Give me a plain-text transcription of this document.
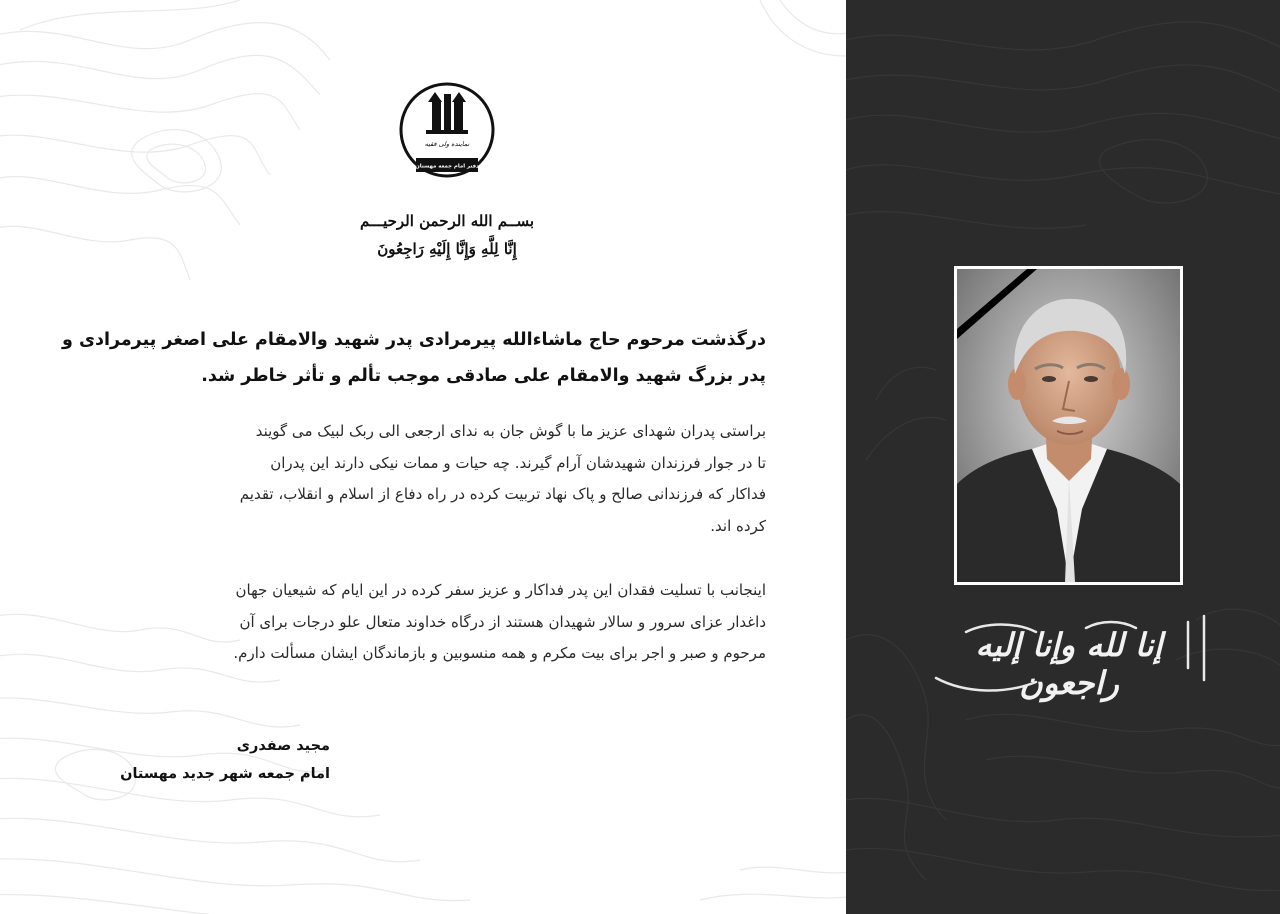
نماینده ولی فقیه
دفتر امام جمعه مهستان
بســم الله الرحمن الرحیـــم
إِنَّا لِلَّهِ وَإِنَّا إِلَيْهِ رَاجِعُونَ
درگذشت مرحوم حاج ماشاءالله پیرمرادی پدر شهید والامقام علی اصغر پیرمرادی و
پدر بزرگ شهید والامقام علی صادقی موجب تألم و تأثر خاطر شد.
براستی پدران شهدای عزیز ما با گوش جان به ندای ارجعی الی ربک لبیک می گویند
تا در جوار فرزندان شهیدشان آرام گیرند. چه حیات و ممات نیکی دارند این پدران
فداکار که فرزندانی صالح و پاک نهاد تربیت کرده در راه دفاع از اسلام و انقلاب، تقدیم
کرده اند.
اینجانب با تسلیت فقدان این پدر فداکار و عزیز سفر کرده در این ایام که شیعیان جهان
داغدار عزای سرور و سالار شهیدان هستند از درگاه خداوند متعال علو درجات برای آن
مرحوم و صبر و اجر برای بیت مکرم و همه منسوبین و بازماندگان ایشان مسألت دارم.
مجید صفدری
امام جمعه شهر جدید مهستان
إنا لله وإنا إليه راجعون
